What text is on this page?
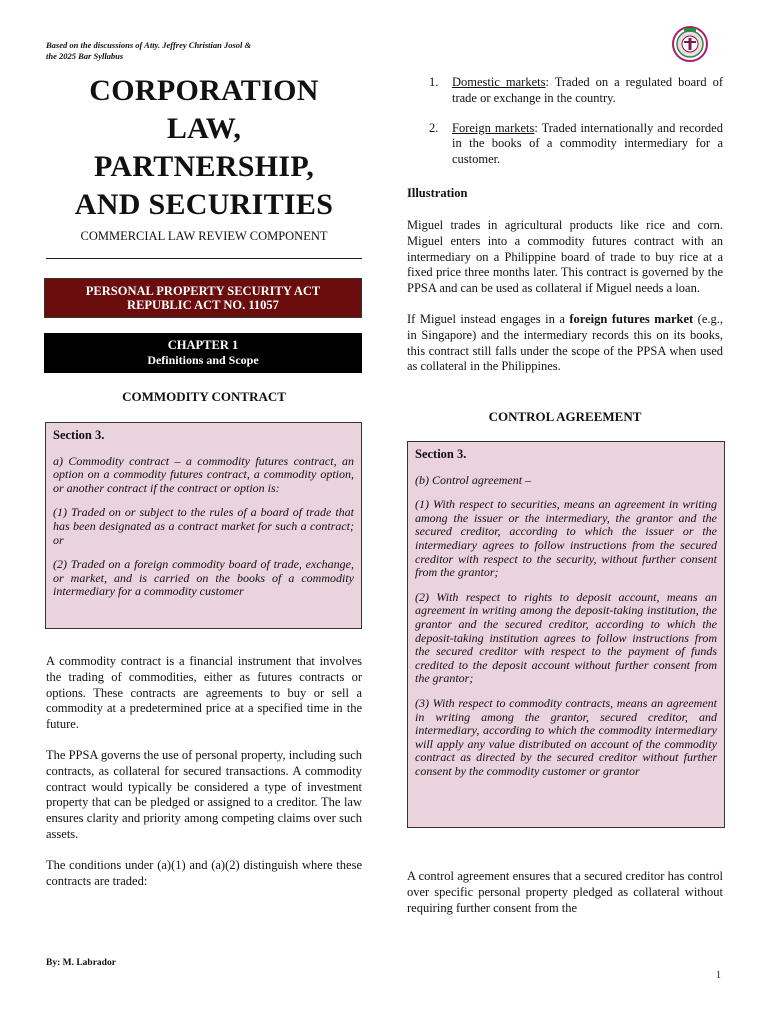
Based on the discussions of Atty. Jeffrey Christian Josol &
the 2025 Bar Syllabus
CORPORATION
LAW,
PARTNERSHIP,
AND SECURITIES
COMMERCIAL LAW REVIEW COMPONENT
PERSONAL PROPERTY SECURITY ACT
REPUBLIC ACT NO. 11057
CHAPTER 1
Definitions and Scope
COMMODITY CONTRACT
Section 3.
a) Commodity contract – a commodity futures contract, an option on a commodity futures contract, a commodity option, or another contract if the contract or option is:
(1) Traded on or subject to the rules of a board of trade that has been designated as a contract market for such a contract; or
(2) Traded on a foreign commodity board of trade, exchange, or market, and is carried on the books of a commodity intermediary for a commodity customer

A commodity contract is a financial instrument that involves the trading of commodities, either as futures contracts or options. These contracts are agreements to buy or sell a commodity at a predetermined price at a specified time in the future.

The PPSA governs the use of personal property, including such contracts, as collateral for secured transactions. A commodity contract would typically be considered a type of investment property that can be pledged or assigned to a creditor. The law ensures clarity and priority among competing claims over such assets.

The conditions under (a)(1) and (a)(2) distinguish where these contracts are traded:

1. Domestic markets: Traded on a regulated board of trade or exchange in the country.
2. Foreign markets: Traded internationally and recorded in the books of a commodity intermediary for a customer.
Illustration

Miguel trades in agricultural products like rice and corn. Miguel enters into a commodity futures contract with an intermediary on a Philippine board of trade to buy rice at a fixed price three months later. This contract is governed by the PPSA and can be used as collateral if Miguel needs a loan.

If Miguel instead engages in a foreign futures market (e.g., in Singapore) and the intermediary records this on its books, this contract still falls under the scope of the PPSA when used as collateral in the Philippines.

CONTROL AGREEMENT
Section 3.
(b) Control agreement –
(1) With respect to securities, means an agreement in writing among the issuer or the intermediary, the grantor and the secured creditor, according to which the issuer or the intermediary agrees to follow instructions from the secured creditor with respect to the security, without further consent from the grantor;
(2) With respect to rights to deposit account, means an agreement in writing among the deposit-taking institution, the grantor and the secured creditor, according to which the deposit-taking institution agrees to follow instructions from the secured creditor with respect to the payment of funds credited to the deposit account without further consent from the grantor;
(3) With respect to commodity contracts, means an agreement in writing among the grantor, secured creditor, and intermediary, according to which the commodity intermediary will apply any value distributed on account of the commodity contract as directed by the secured creditor without further consent by the commodity customer or grantor
A control agreement ensures that a secured creditor has control over specific personal property pledged as collateral without requiring further consent from the
By: M. Labrador
1
